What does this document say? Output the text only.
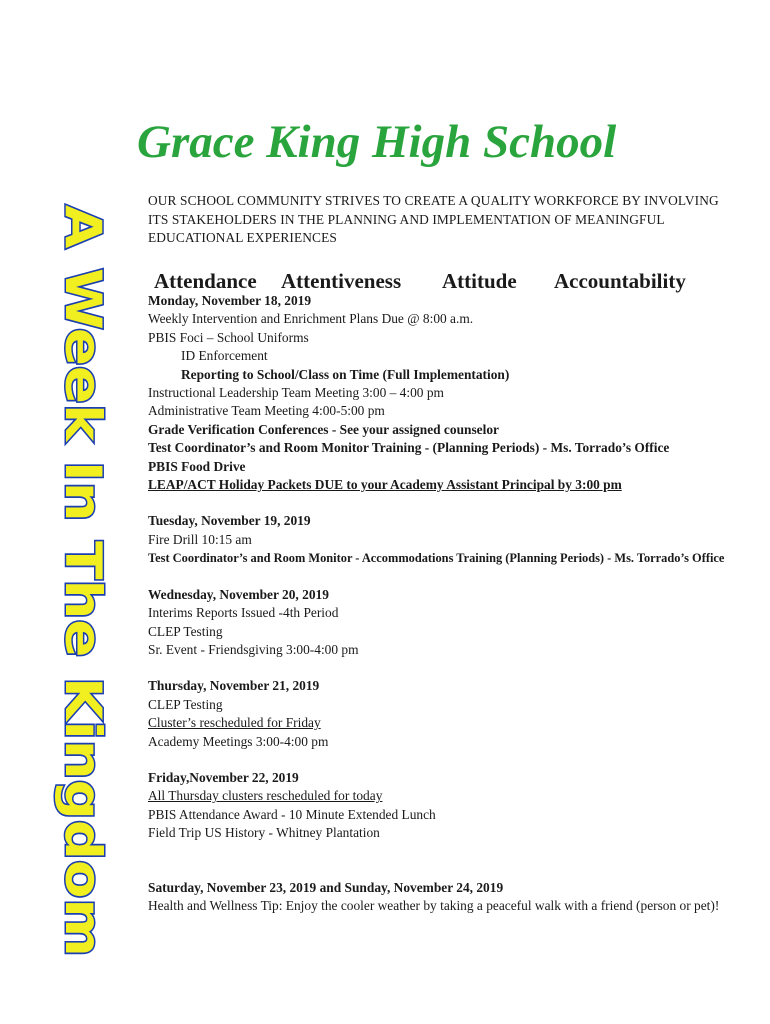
A Week In The Kingdom
Grace King High School
OUR SCHOOL COMMUNITY STRIVES TO CREATE A QUALITY WORKFORCE BY INVOLVING ITS STAKEHOLDERS IN THE PLANNING AND IMPLEMENTATION OF MEANINGFUL EDUCATIONAL EXPERIENCES
Attendance Attentiveness Attitude Accountability
Monday, November 18, 2019
Weekly Intervention and Enrichment Plans Due @ 8:00 a.m.
PBIS Foci – School Uniforms
ID Enforcement
Reporting to School/Class on Time (Full Implementation)
Instructional Leadership Team Meeting 3:00 – 4:00 pm
Administrative Team Meeting 4:00-5:00 pm
Grade Verification Conferences - See your assigned counselor
Test Coordinator’s and Room Monitor Training - (Planning Periods) - Ms. Torrado’s Office
PBIS Food Drive
LEAP/ACT Holiday Packets DUE to your Academy Assistant Principal by 3:00 pm
Tuesday, November 19, 2019
Fire Drill 10:15 am
Test Coordinator’s and Room Monitor - Accommodations Training (Planning Periods) - Ms. Torrado’s Office
Wednesday, November 20, 2019
Interims Reports Issued -4th Period
CLEP Testing
Sr. Event - Friendsgiving 3:00-4:00 pm
Thursday, November 21, 2019
CLEP Testing
Cluster’s rescheduled for Friday
Academy Meetings 3:00-4:00 pm
Friday,November 22, 2019
All Thursday clusters rescheduled for today
PBIS Attendance Award - 10 Minute Extended Lunch
Field Trip US History - Whitney Plantation
Saturday, November 23, 2019 and Sunday, November 24, 2019
Health and Wellness Tip: Enjoy the cooler weather by taking a peaceful walk with a friend (person or pet)!
